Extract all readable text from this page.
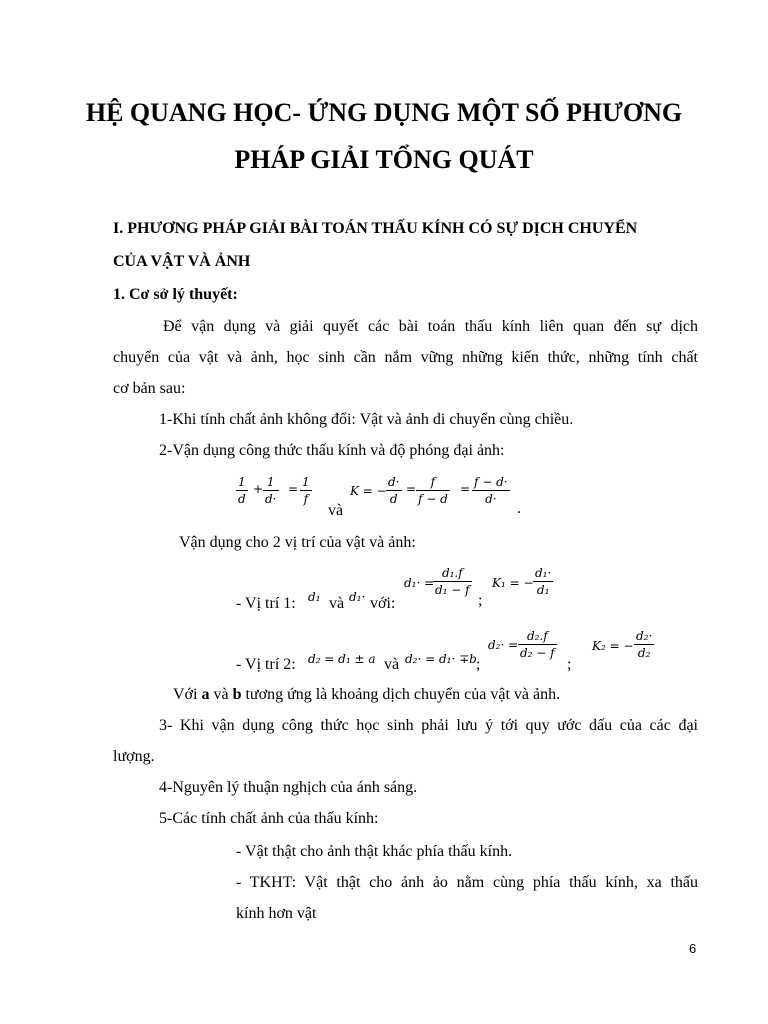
HỆ QUANG HỌC- ỨNG DỤNG MỘT SỐ PHƯƠNG
PHÁP GIẢI TỔNG QUÁT
I. PHƯƠNG PHÁP GIẢI BÀI TOÁN THẤU KÍNH CÓ SỰ DỊCH CHUYỂN
CỦA VẬT VÀ ẢNH
1. Cơ sở lý thuyết:
Để vận dụng và giải quyết các bài toán thấu kính liên quan đến sự dịch
chuyển của vật và ảnh, học sinh cần nắm vững những kiến thức, những tính chất
cơ bản sau:
1-Khi tính chất ảnh không đổi: Vật và ảnh di chuyển cùng chiều.
2-Vận dụng công thức thấu kính và độ phóng đại ảnh:
$\frac{1}{d} + \frac{1}{d\cdot} = \frac{1}{f}$
và
K = − $\frac{d\cdot}{d} = \frac{f}{f - d} = \frac{f - d\cdot}{d\cdot}$
.
Vận dụng cho 2 vị trí của vật và ảnh:
- Vị trí 1: d₁ và d₁· với:
d₁· =
$\frac{\text{d₁.f}}{\text{d₁ − f}}$
;
K₁ = − $\frac{\text{d₁·}}{\text{d₁}}$
- Vị trí 2: d₂ = d₁ ± a và d₂· = d₁· ∓b ;
$d_2\cdot = \frac{\text{d₂.f}}{\text{d₂ − f}}$
;
K₂ = − $\frac{\text{d₂·}}{\text{d₂}}$
Với a và b tương ứng là khoảng dịch chuyển của vật và ảnh.
3- Khi vận dụng công thức học sinh phải lưu ý tới quy ước dấu của các đại
lượng.
4-Nguyên lý thuận nghịch của ánh sáng.
5-Các tính chất ảnh của thấu kính:
- Vật thật cho ảnh thật khác phía thấu kính.
- TKHT: Vật thật cho ảnh ảo nằm cùng phía thấu kính, xa thấu
kính hơn vật
6
